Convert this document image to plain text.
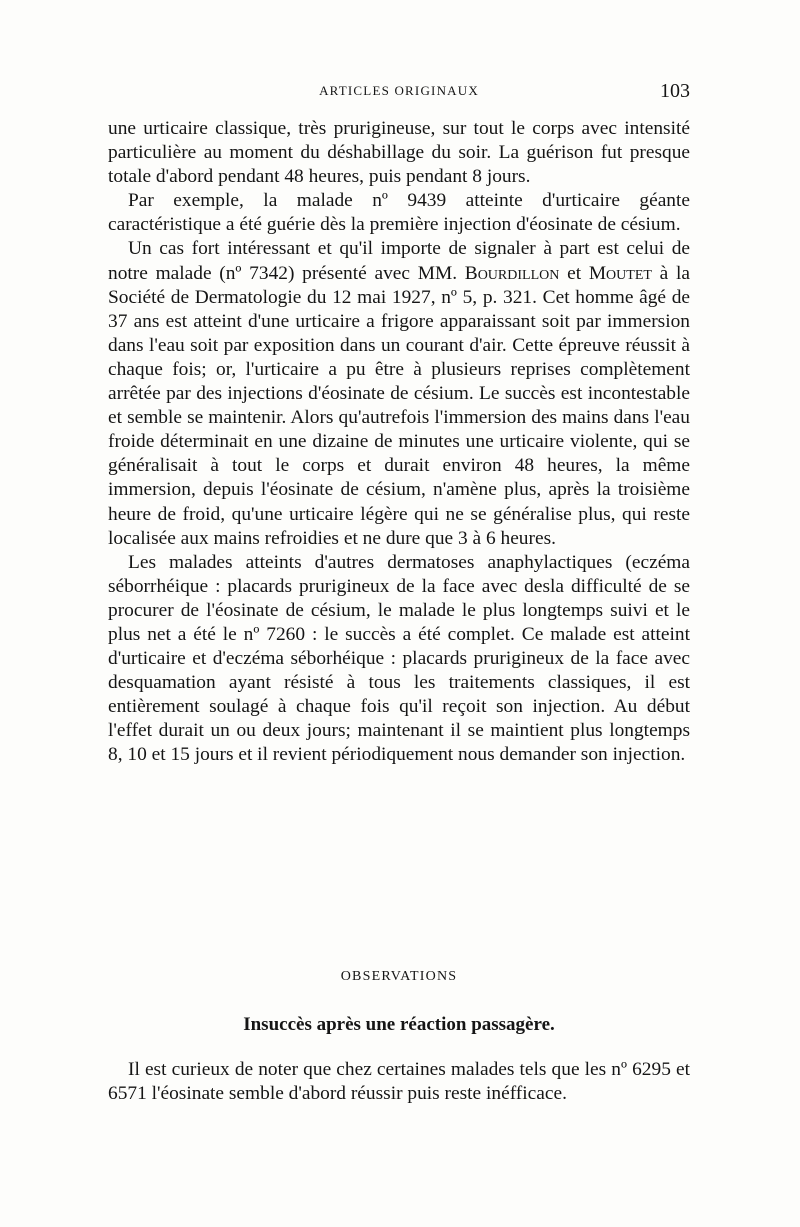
ARTICLES ORIGINAUX	103

une urticaire classique, très prurigineuse, sur tout le corps avec intensité particulière au moment du déshabillage du soir. La guérison fut presque totale d'abord pendant 48 heures, puis pendant 8 jours.

Par exemple, la malade nº 9439 atteinte d'urticaire géante caractéristique a été guérie dès la première injection d'éosinate de césium.

Un cas fort intéressant et qu'il importe de signaler à part est celui de notre malade (nº 7342) présenté avec MM. Bourdillon et Moutet à la Société de Dermatologie du 12 mai 1927, nº 5, p. 321. Cet homme âgé de 37 ans est atteint d'une urticaire a frigore apparaissant soit par immersion dans l'eau soit par exposition dans un courant d'air. Cette épreuve réussit à chaque fois; or, l'urticaire a pu être à plusieurs reprises complètement arrêtée par des injections d'éosinate de césium. Le succès est incontestable et semble se maintenir. Alors qu'autrefois l'immersion des mains dans l'eau froide déterminait en une dizaine de minutes une urticaire violente, qui se généralisait à tout le corps et durait environ 48 heures, la même immersion, depuis l'éosinate de césium, n'amène plus, après la troisième heure de froid, qu'une urticaire légère qui ne se généralise plus, qui reste localisée aux mains refroidies et ne dure que 3 à 6 heures.

Les malades atteints d'autres dermatoses anaphylactiques (eczéma séborrhéique : placards prurigineux de la face avec desla difficulté de se procurer de l'éosinate de césium, le malade le plus longtemps suivi et le plus net a été le nº 7260 : le succès a été complet. Ce malade est atteint d'urticaire et d'eczéma séborhéique : placards prurigineux de la face avec desquamation ayant résisté à tous les traitements classiques, il est entièrement soulagé à chaque fois qu'il reçoit son injection. Au début l'effet durait un ou deux jours; maintenant il se maintient plus longtemps 8, 10 et 15 jours et il revient périodiquement nous demander son injection.

OBSERVATIONS
Insuccès après une réaction passagère.

Il est curieux de noter que chez certaines malades tels que les nº 6295 et 6571 l'éosinate semble d'abord réussir puis reste inéfficace.
